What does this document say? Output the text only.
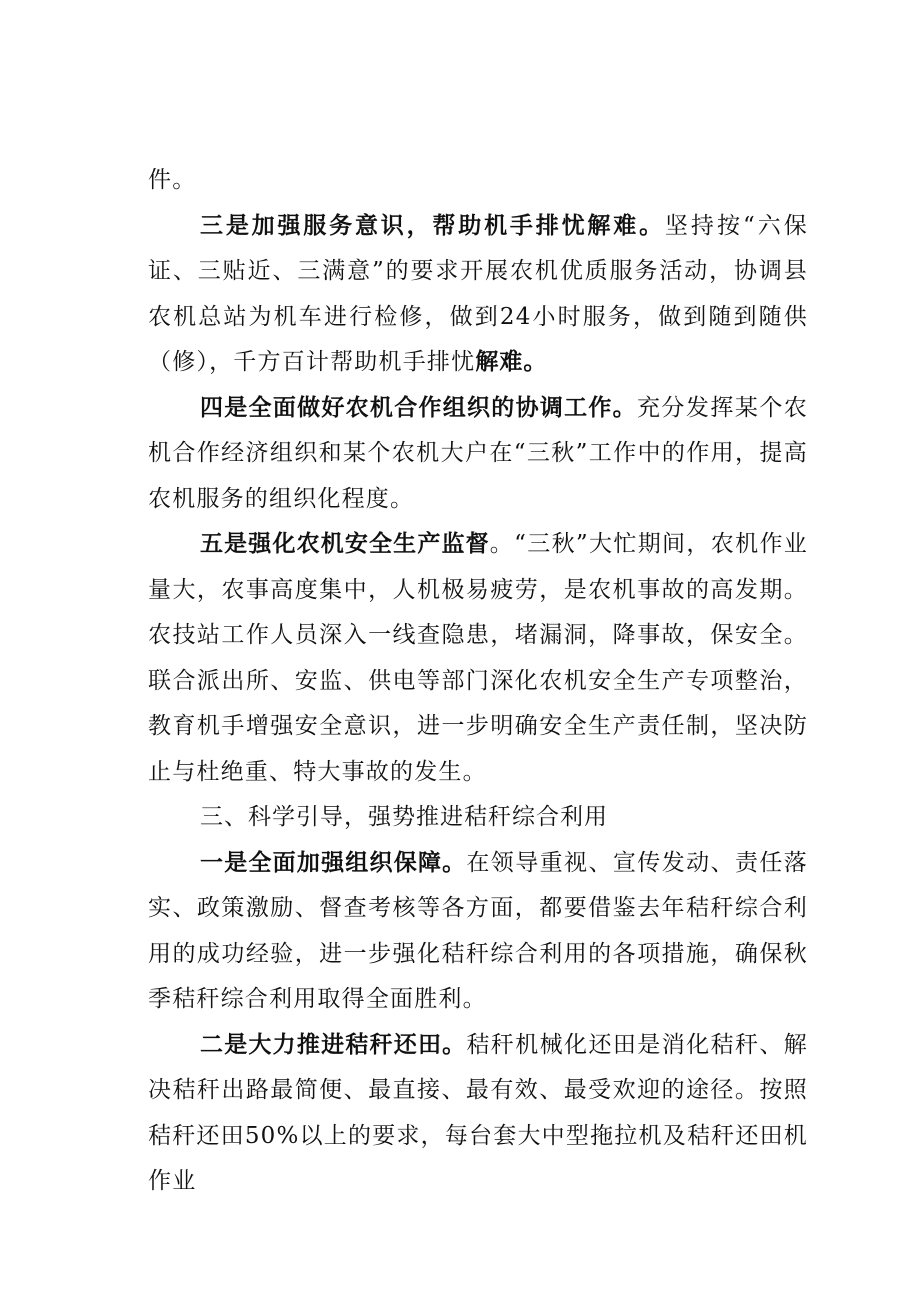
件。

三是加强服务意识，帮助机手排忧解难。坚持按“六保证、三贴近、三满意”的要求开展农机优质服务活动，协调县农机总站为机车进行检修，做到24小时服务，做到随到随供（修），千方百计帮助机手排忧解难。

四是全面做好农机合作组织的协调工作。充分发挥某个农机合作经济组织和某个农机大户在“三秋”工作中的作用，提高农机服务的组织化程度。

五是强化农机安全生产监督。“三秋”大忙期间，农机作业量大，农事高度集中，人机极易疲劳，是农机事故的高发期。农技站工作人员深入一线查隐患，堵漏洞，降事故，保安全。联合派出所、安监、供电等部门深化农机安全生产专项整治，教育机手增强安全意识，进一步明确安全生产责任制，坚决防止与杜绝重、特大事故的发生。

三、科学引导，强势推进秸秆综合利用

一是全面加强组织保障。在领导重视、宣传发动、责任落实、政策激励、督查考核等各方面，都要借鉴去年秸秆综合利用的成功经验，进一步强化秸秆综合利用的各项措施，确保秋季秸秆综合利用取得全面胜利。

二是大力推进秸秆还田。秸秆机械化还田是消化秸秆、解决秸秆出路最简便、最直接、最有效、最受欢迎的途径。按照秸秆还田50%以上的要求，每台套大中型拖拉机及秸秆还田机作业
